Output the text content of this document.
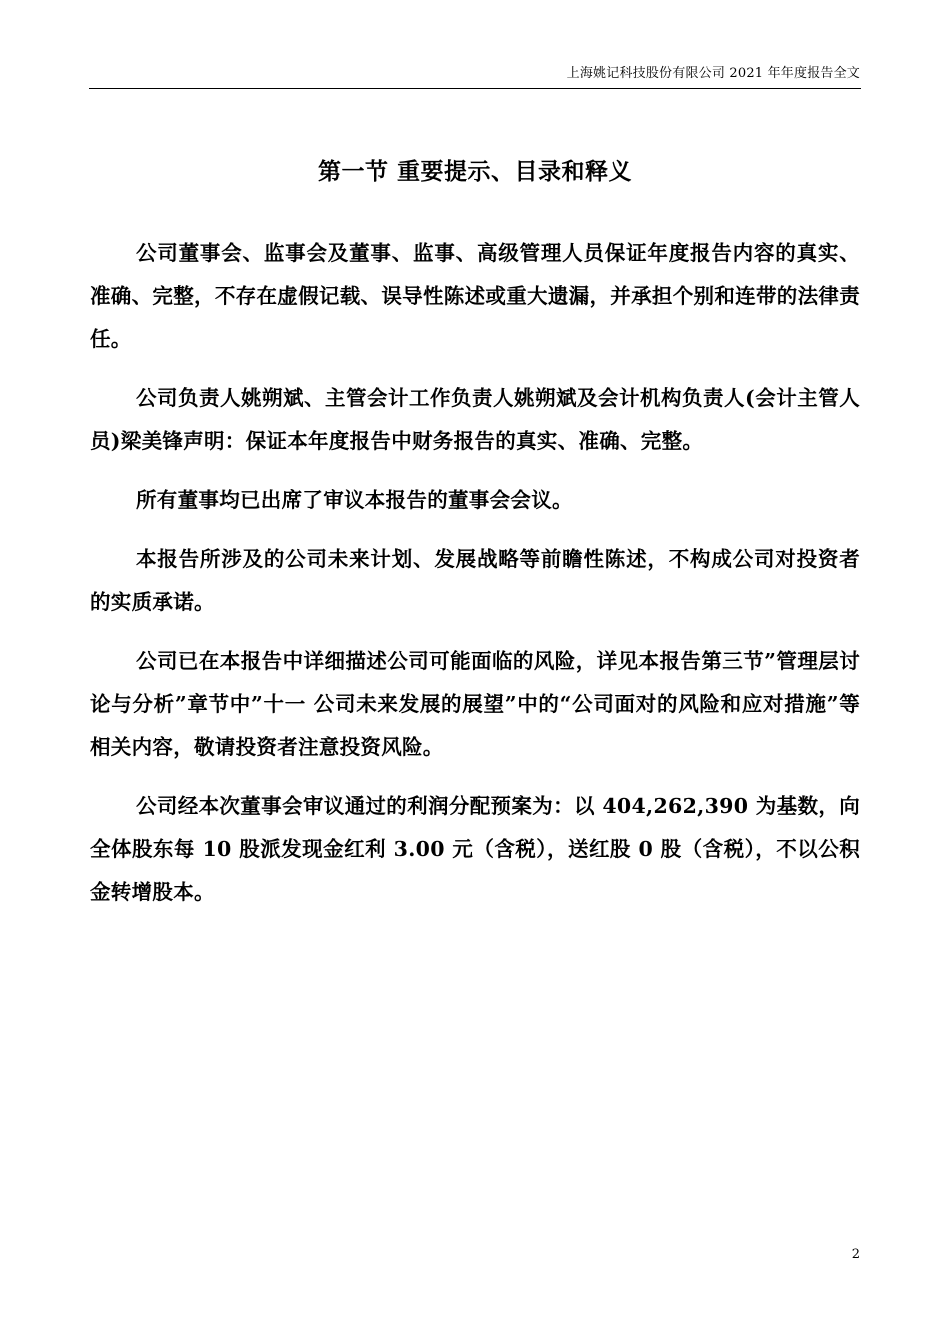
上海姚记科技股份有限公司 2021 年年度报告全文
第一节 重要提示、目录和释义

公司董事会、监事会及董事、监事、高级管理人员保证年度报告内容的真实、准确、完整，不存在虚假记载、误导性陈述或重大遗漏，并承担个别和连带的法律责任。

公司负责人姚朔斌、主管会计工作负责人姚朔斌及会计机构负责人(会计主管人员)梁美锋声明：保证本年度报告中财务报告的真实、准确、完整。

所有董事均已出席了审议本报告的董事会会议。

本报告所涉及的公司未来计划、发展战略等前瞻性陈述，不构成公司对投资者的实质承诺。

公司已在本报告中详细描述公司可能面临的风险，详见本报告第三节”管理层讨论与分析”章节中”十一 公司未来发展的展望”中的“公司面对的风险和应对措施”等相关内容，敬请投资者注意投资风险。

公司经本次董事会审议通过的利润分配预案为：以 404,262,390 为基数，向全体股东每 10 股派发现金红利 3.00 元（含税），送红股 0 股（含税），不以公积金转增股本。

2
